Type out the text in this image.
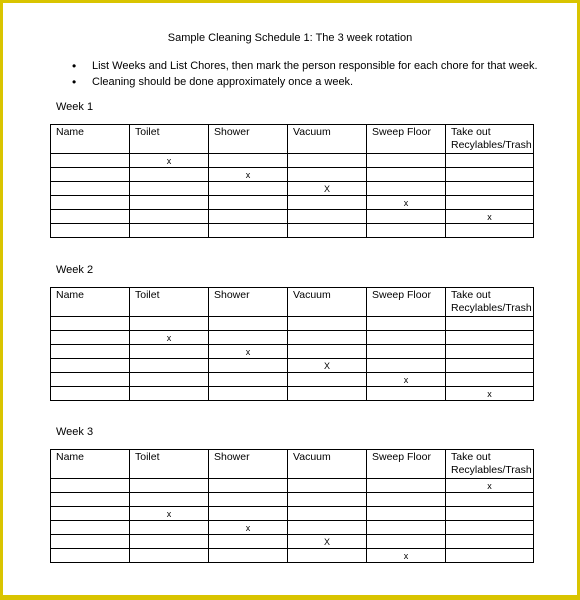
Sample Cleaning Schedule 1: The 3 week rotation
• List Weeks and List Chores, then mark the person responsible for each chore for that week.
• Cleaning should be done approximately once a week.
Week 1
Name	Toilet	Shower	Vacuum	Sweep Floor	Take out Recylables/Trash
	x				
		x			
			X		
				x	
					x

Week 2
Name	Toilet	Shower	Vacuum	Sweep Floor	Take out Recylables/Trash

	x				
		x			
			X		
				x	
					x
Week 3
Name	Toilet	Shower	Vacuum	Sweep Floor	Take out Recylables/Trash
					x

	x				
		x			
			X		
				x	
